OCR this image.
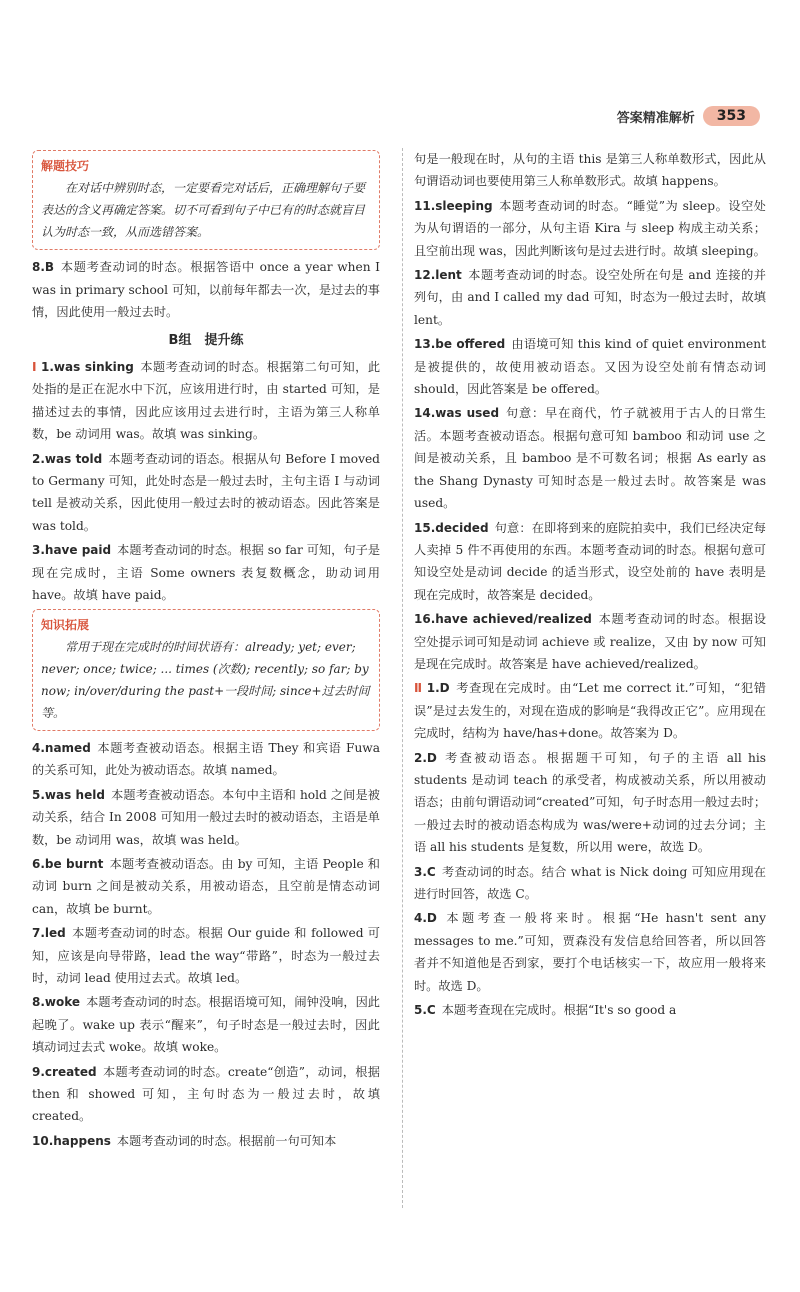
答案精准解析	353
解题技巧
在对话中辨别时态，一定要看完对话后，正确理解句子要表达的含义再确定答案。切不可看到句子中已有的时态就盲目认为时态一致，从而选错答案。
8.B 本题考查动词的时态。根据答语中 once a year when I was in primary school 可知，以前每年都去一次，是过去的事情，因此使用一般过去时。
B组　提升练
Ⅰ 1.was sinking 本题考查动词的时态。根据第二句可知，此处指的是正在泥水中下沉，应该用进行时，由 started 可知，是描述过去的事情，因此应该用过去进行时，主语为第三人称单数，be 动词用 was。故填 was sinking。
2.was told 本题考查动词的语态。根据从句 Before I moved to Germany 可知，此处时态是一般过去时，主句主语 I 与动词 tell 是被动关系，因此使用一般过去时的被动语态。因此答案是 was told。
3.have paid 本题考查动词的时态。根据 so far 可知，句子是现在完成时，主语 Some owners 表复数概念，助动词用 have。故填 have paid。
知识拓展
常用于现在完成时的时间状语有：already; yet; ever; never; once; twice; ... times (次数); recently; so far; by now; in/over/during the past+一段时间; since+过去时间等。
4.named 本题考查被动语态。根据主语 They 和宾语 Fuwa 的关系可知，此处为被动语态。故填 named。
5.was held 本题考查被动语态。本句中主语和 hold 之间是被动关系，结合 In 2008 可知用一般过去时的被动语态，主语是单数，be 动词用 was，故填 was held。
6.be burnt 本题考查被动语态。由 by 可知，主语 People 和动词 burn 之间是被动关系，用被动语态，且空前是情态动词 can，故填 be burnt。
7.led 本题考查动词的时态。根据 Our guide 和 followed 可知，应该是向导带路，lead the way“带路”，时态为一般过去时，动词 lead 使用过去式。故填 led。
8.woke 本题考查动词的时态。根据语境可知，闹钟没响，因此起晚了。wake up 表示“醒来”，句子时态是一般过去时，因此填动词过去式 woke。故填 woke。
9.created 本题考查动词的时态。create“创造”，动词，根据 then 和 showed 可知，主句时态为一般过去时，故填 created。
10.happens 本题考查动词的时态。根据前一句可知本
句是一般现在时，从句的主语 this 是第三人称单数形式，因此从句谓语动词也要使用第三人称单数形式。故填 happens。
11.sleeping 本题考查动词的时态。“睡觉”为 sleep。设空处为从句谓语的一部分，从句主语 Kira 与 sleep 构成主动关系；且空前出现 was，因此判断该句是过去进行时。故填 sleeping。
12.lent 本题考查动词的时态。设空处所在句是 and 连接的并列句，由 and I called my dad 可知，时态为一般过去时，故填 lent。
13.be offered 由语境可知 this kind of quiet environment 是被提供的，故使用被动语态。又因为设空处前有情态动词 should，因此答案是 be offered。
14.was used 句意：早在商代，竹子就被用于古人的日常生活。本题考查被动语态。根据句意可知 bamboo 和动词 use 之间是被动关系，且 bamboo 是不可数名词；根据 As early as the Shang Dynasty 可知时态是一般过去时。故答案是 was used。
15.decided 句意：在即将到来的庭院拍卖中，我们已经决定每人卖掉 5 件不再使用的东西。本题考查动词的时态。根据句意可知设空处是动词 decide 的适当形式，设空处前的 have 表明是现在完成时，故答案是 decided。
16.have achieved/realized 本题考查动词的时态。根据设空处提示词可知是动词 achieve 或 realize，又由 by now 可知是现在完成时。故答案是 have achieved/realized。
Ⅱ 1.D 考查现在完成时。由“Let me correct it.”可知，“犯错误”是过去发生的，对现在造成的影响是“我得改正它”。应用现在完成时，结构为 have/has+done。故答案为 D。
2.D 考查被动语态。根据题干可知，句子的主语 all his students 是动词 teach 的承受者，构成被动关系，所以用被动语态；由前句谓语动词“created”可知，句子时态用一般过去时；一般过去时的被动语态构成为 was/were+动词的过去分词；主语 all his students 是复数，所以用 were，故选 D。
3.C 考查动词的时态。结合 what is Nick doing 可知应用现在进行时回答，故选 C。
4.D 本题考查一般将来时。根据“He hasn't sent any messages to me.”可知，贾森没有发信息给回答者，所以回答者并不知道他是否到家，要打个电话核实一下，故应用一般将来时。故选 D。
5.C 本题考查现在完成时。根据“It's so good a
